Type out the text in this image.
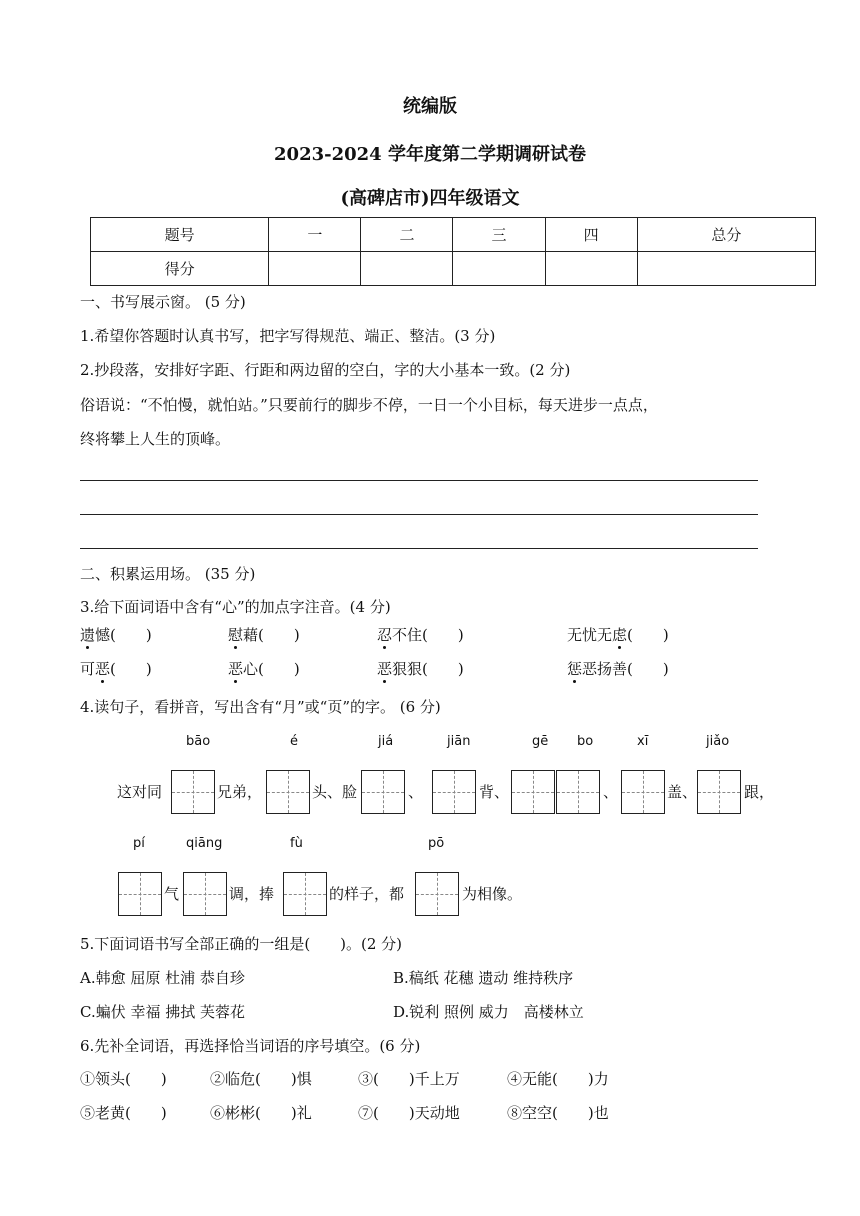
统编版
2023-2024 学年度第二学期调研试卷
(高碑店市)四年级语文
题号	一	二	三	四	总分
得分					
一、书写展示窗。 (5 分)
1.希望你答题时认真书写，把字写得规范、端正、整洁。(3 分)
2.抄段落，安排好字距、行距和两边留的空白，字的大小基本一致。(2 分)
俗语说：“不怕慢，就怕站。”只要前行的脚步不停，一日一个小目标，每天进步一点点，
终将攀上人生的顶峰。
二、积累运用场。 (35 分)
3.给下面词语中含有“心”的加点字注音。(4 分)
遗憾(　　)	慰藉(　　)	忍不住(　　)	无忧无虑(　　)
可恶(　　)	恶心(　　)	恶狠狠(　　)	惩恶扬善(　　)
4.读句子，看拼音，写出含有“月”或“页”的字。 (6 分)
bāo	é	jiá	jiān	gē bo	xī	jiǎo
这对同	兄弟，	头、脸	、	背、	、	盖、	跟，
pí	qiāng	fù	pō
气	调，捧	的样子，都	为相像。
5.下面词语书写全部正确的一组是(　　)。(2 分)
A.韩愈 屈原 杜浦 恭自珍	B.稿纸 花穗 遗动 维持秩序
C.蝙伏 幸福 拂拭 芙蓉花	D.锐利 照例 威力　高楼林立
6.先补全词语，再选择恰当词语的序号填空。(6 分)
①领头(　　)	②临危(　　)惧	③(　　)千上万	④无能(　　)力
⑤老黄(　　)	⑥彬彬(　　)礼	⑦(　　)天动地	⑧空空(　　)也
